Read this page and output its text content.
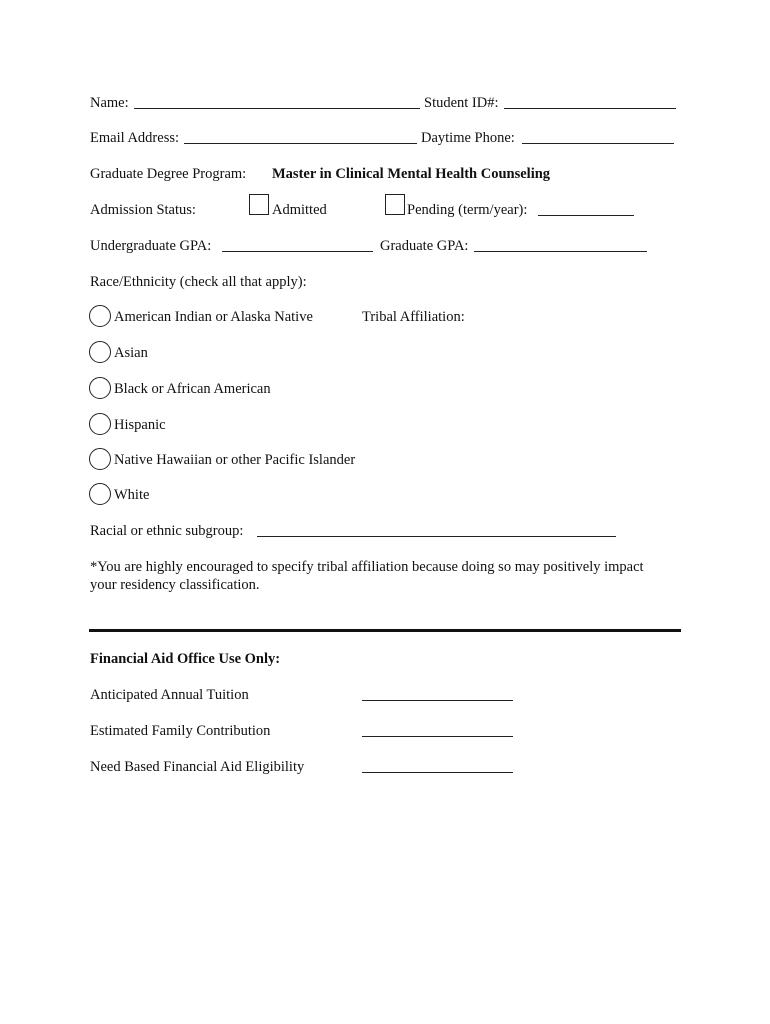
Name:	Student ID#:
Email Address:	Daytime Phone:
Graduate Degree Program: Master in Clinical Mental Health Counseling
Admission Status:	Admitted	Pending (term/year):
Undergraduate GPA:	Graduate GPA:
Race/Ethnicity (check all that apply):
American Indian or Alaska Native	Tribal Affiliation:
Asian
Black or African American
Hispanic
Native Hawaiian or other Pacific Islander
White
Racial or ethnic subgroup:
*You are highly encouraged to specify tribal affiliation because doing so may positively impact
your residency classification.
Financial Aid Office Use Only:
Anticipated Annual Tuition
Estimated Family Contribution
Need Based Financial Aid Eligibility
